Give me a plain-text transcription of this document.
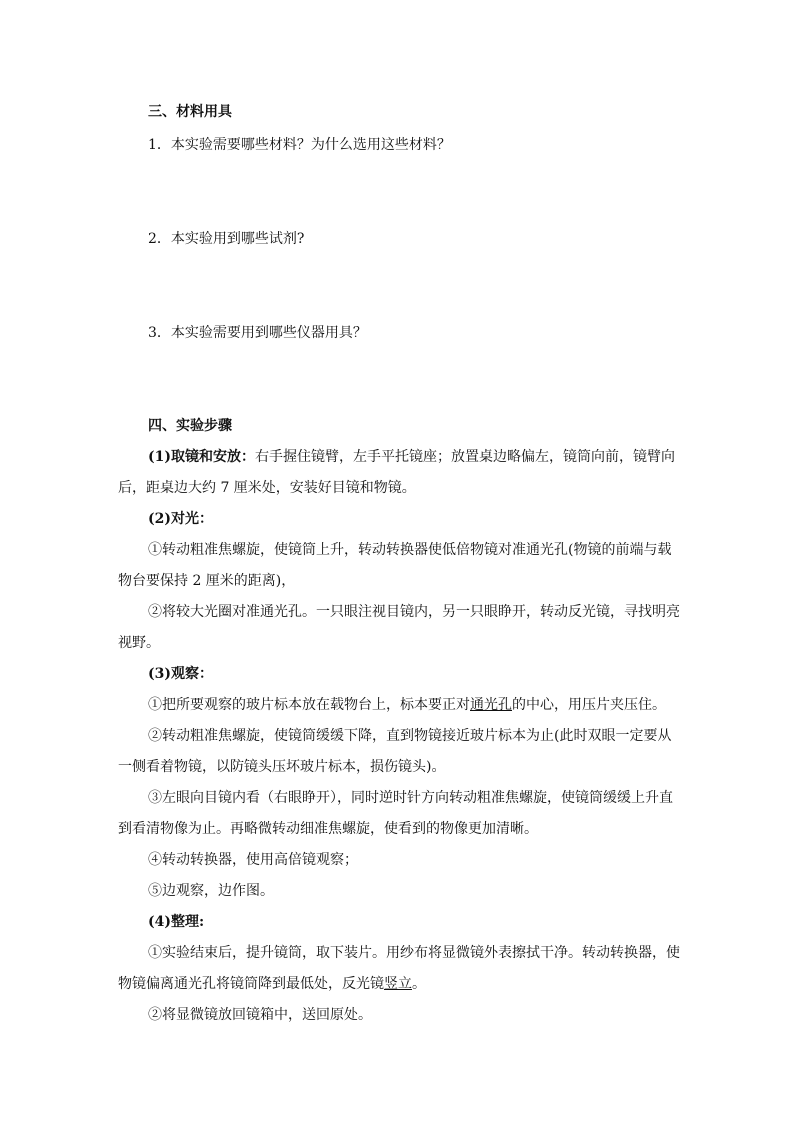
三、材料用具
1．本实验需要哪些材料？为什么选用这些材料？
2．本实验用到哪些试剂?
3．本实验需要用到哪些仪器用具？
四、实验步骤
(1)取镜和安放：右手握住镜臂，左手平托镜座；放置桌边略偏左，镜筒向前，镜臂向
后，距桌边大约 7 厘米处，安装好目镜和物镜。
(2)对光：
①转动粗准焦螺旋，使镜筒上升，转动转换器使低倍物镜对准通光孔(物镜的前端与载
物台要保持 2 厘米的距离)，
②将较大光圈对准通光孔。一只眼注视目镜内，另一只眼睁开，转动反光镜，寻找明亮
视野。
(3)观察：
①把所要观察的玻片标本放在载物台上，标本要正对通光孔的中心，用压片夹压住。
②转动粗准焦螺旋，使镜筒缓缓下降，直到物镜接近玻片标本为止(此时双眼一定要从
一侧看着物镜，以防镜头压坏玻片标本，损伤镜头)。
③左眼向目镜内看（右眼睁开），同时逆时针方向转动粗准焦螺旋，使镜筒缓缓上升直
到看清物像为止。再略微转动细准焦螺旋，使看到的物像更加清晰。
④转动转换器，使用高倍镜观察；
⑤边观察，边作图。
(4)整理:
①实验结束后，提升镜筒，取下装片。用纱布将显微镜外表擦拭干净。转动转换器，使
物镜偏离通光孔将镜筒降到最低处，反光镜竖立。
②将显微镜放回镜箱中，送回原处。
